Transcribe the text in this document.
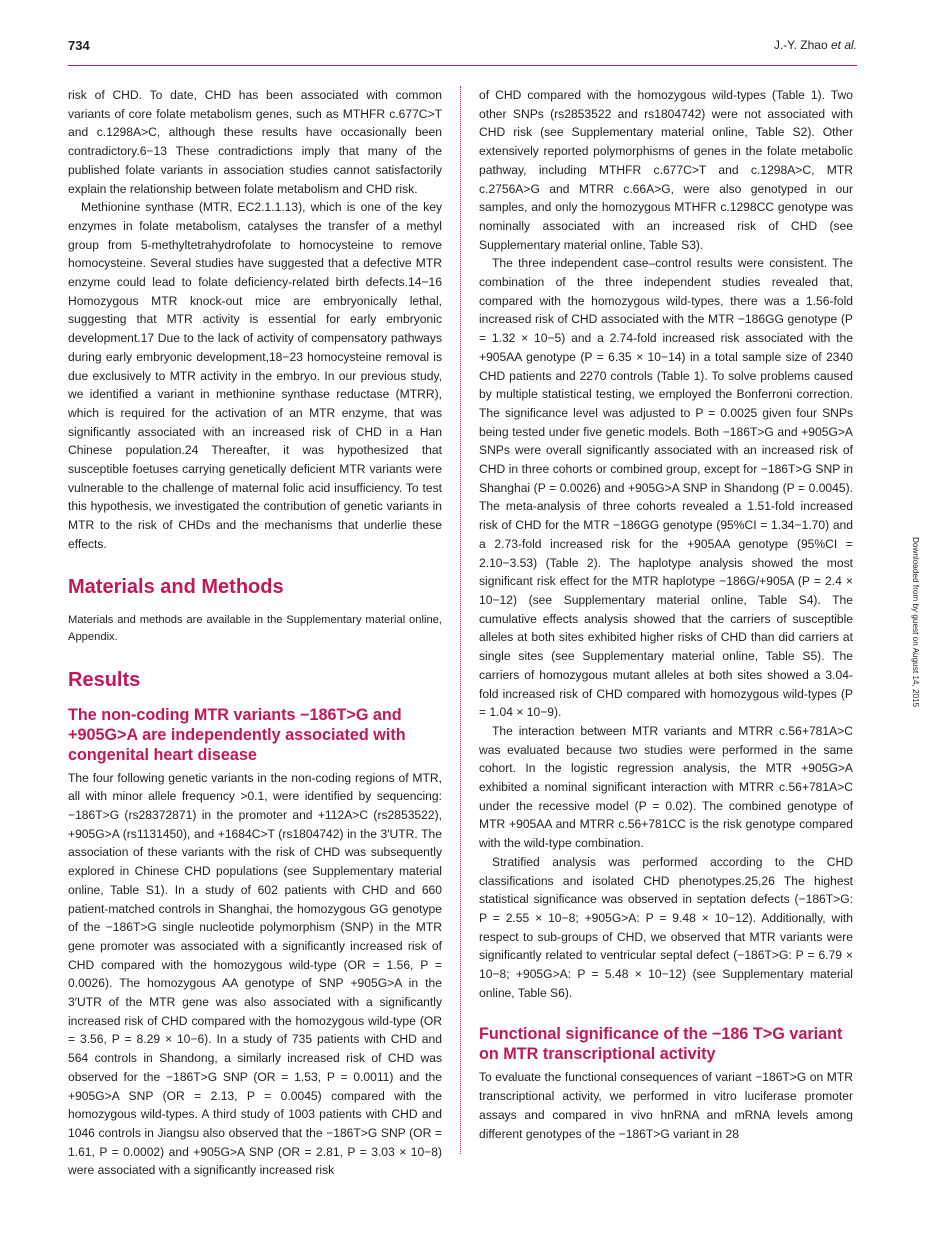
734	J.-Y. Zhao et al.

risk of CHD. To date, CHD has been associated with common variants of core folate metabolism genes, such as MTHFR c.677C>T and c.1298A>C, although these results have occasionally been contradictory.6−13 These contradictions imply that many of the published folate variants in association studies cannot satisfactorily explain the relationship between folate metabolism and CHD risk.

Methionine synthase (MTR, EC2.1.1.13), which is one of the key enzymes in folate metabolism, catalyses the transfer of a methyl group from 5-methyltetrahydrofolate to homocysteine to remove homocysteine. Several studies have suggested that a defective MTR enzyme could lead to folate deficiency-related birth defects.14−16 Homozygous MTR knock-out mice are embryonically lethal, suggesting that MTR activity is essential for early embryonic development.17 Due to the lack of activity of compensatory pathways during early embryonic development,18−23 homocysteine removal is due exclusively to MTR activity in the embryo. In our previous study, we identified a variant in methionine synthase reductase (MTRR), which is required for the activation of an MTR enzyme, that was significantly associated with an increased risk of CHD in a Han Chinese population.24 Thereafter, it was hypothesized that susceptible foetuses carrying genetically deficient MTR variants were vulnerable to the challenge of maternal folic acid insufficiency. To test this hypothesis, we investigated the contribution of genetic variants in MTR to the risk of CHDs and the mechanisms that underlie these effects.

Materials and Methods

Materials and methods are available in the Supplementary material online, Appendix.

Results
The non-coding MTR variants −186T>G and +905G>A are independently associated with congenital heart disease

The four following genetic variants in the non-coding regions of MTR, all with minor allele frequency >0.1, were identified by sequencing: −186T>G (rs28372871) in the promoter and +112A>C (rs2853522), +905G>A (rs1131450), and +1684C>T (rs1804742) in the 3′UTR. The association of these variants with the risk of CHD was subsequently explored in Chinese CHD populations (see Supplementary material online, Table S1). In a study of 602 patients with CHD and 660 patient-matched controls in Shanghai, the homozygous GG genotype of the −186T>G single nucleotide polymorphism (SNP) in the MTR gene promoter was associated with a significantly increased risk of CHD compared with the homozygous wild-type (OR = 1.56, P = 0.0026). The homozygous AA genotype of SNP +905G>A in the 3′UTR of the MTR gene was also associated with a significantly increased risk of CHD compared with the homozygous wild-type (OR = 3.56, P = 8.29 × 10−6). In a study of 735 patients with CHD and 564 controls in Shandong, a similarly increased risk of CHD was observed for the −186T>G SNP (OR = 1.53, P = 0.0011) and the +905G>A SNP (OR = 2.13, P = 0.0045) compared with the homozygous wild-types. A third study of 1003 patients with CHD and 1046 controls in Jiangsu also observed that the −186T>G SNP (OR = 1.61, P = 0.0002) and +905G>A SNP (OR = 2.81, P = 3.03 × 10−8) were associated with a significantly increased risk

of CHD compared with the homozygous wild-types (Table 1). Two other SNPs (rs2853522 and rs1804742) were not associated with CHD risk (see Supplementary material online, Table S2). Other extensively reported polymorphisms of genes in the folate metabolic pathway, including MTHFR c.677C>T and c.1298A>C, MTR c.2756A>G and MTRR c.66A>G, were also genotyped in our samples, and only the homozygous MTHFR c.1298CC genotype was nominally associated with an increased risk of CHD (see Supplementary material online, Table S3).

The three independent case–control results were consistent. The combination of the three independent studies revealed that, compared with the homozygous wild-types, there was a 1.56-fold increased risk of CHD associated with the MTR −186GG genotype (P = 1.32 × 10−5) and a 2.74-fold increased risk associated with the +905AA genotype (P = 6.35 × 10−14) in a total sample size of 2340 CHD patients and 2270 controls (Table 1). To solve problems caused by multiple statistical testing, we employed the Bonferroni correction. The significance level was adjusted to P = 0.0025 given four SNPs being tested under five genetic models. Both −186T>G and +905G>A SNPs were overall significantly associated with an increased risk of CHD in three cohorts or combined group, except for −186T>G SNP in Shanghai (P = 0.0026) and +905G>A SNP in Shandong (P = 0.0045). The meta-analysis of three cohorts revealed a 1.51-fold increased risk of CHD for the MTR −186GG genotype (95%CI = 1.34−1.70) and a 2.73-fold increased risk for the +905AA genotype (95%CI = 2.10−3.53) (Table 2). The haplotype analysis showed the most significant risk effect for the MTR haplotype −186G/+905A (P = 2.4 × 10−12) (see Supplementary material online, Table S4). The cumulative effects analysis showed that the carriers of susceptible alleles at both sites exhibited higher risks of CHD than did carriers at single sites (see Supplementary material online, Table S5). The carriers of homozygous mutant alleles at both sites showed a 3.04-fold increased risk of CHD compared with homozygous wild-types (P = 1.04 × 10−9).

The interaction between MTR variants and MTRR c.56+781A>C was evaluated because two studies were performed in the same cohort. In the logistic regression analysis, the MTR +905G>A exhibited a nominal significant interaction with MTRR c.56+781A>C under the recessive model (P = 0.02). The combined genotype of MTR +905AA and MTRR c.56+781CC is the risk genotype compared with the wild-type combination.

Stratified analysis was performed according to the CHD classifications and isolated CHD phenotypes.25,26 The highest statistical significance was observed in septation defects (−186T>G: P = 2.55 × 10−8; +905G>A: P = 9.48 × 10−12). Additionally, with respect to sub-groups of CHD, we observed that MTR variants were significantly related to ventricular septal defect (−186T>G: P = 6.79 × 10−8; +905G>A: P = 5.48 × 10−12) (see Supplementary material online, Table S6).

Functional significance of the −186 T>G variant on MTR transcriptional activity

To evaluate the functional consequences of variant −186T>G on MTR transcriptional activity, we performed in vitro luciferase promoter assays and compared in vivo hnRNA and mRNA levels among different genotypes of the −186T>G variant in 28

Downloaded from by guest on August 14, 2015
